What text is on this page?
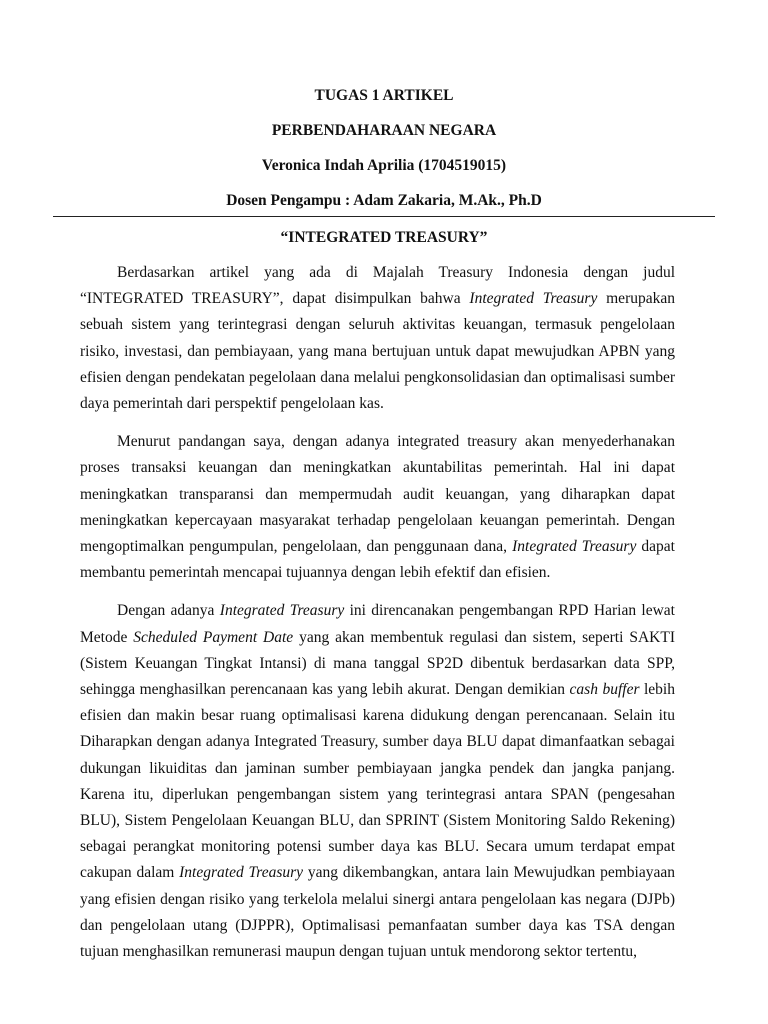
TUGAS 1 ARTIKEL

PERBENDAHARAAN NEGARA

Veronica Indah Aprilia (1704519015)

Dosen Pengampu : Adam Zakaria, M.Ak., Ph.D

“INTEGRATED TREASURY”

Berdasarkan artikel yang ada di Majalah Treasury Indonesia dengan judul “INTEGRATED TREASURY”, dapat disimpulkan bahwa Integrated Treasury merupakan sebuah sistem yang terintegrasi dengan seluruh aktivitas keuangan, termasuk pengelolaan risiko, investasi, dan pembiayaan, yang mana bertujuan untuk dapat mewujudkan APBN yang efisien dengan pendekatan pegelolaan dana melalui pengkonsolidasian dan optimalisasi sumber daya pemerintah dari perspektif pengelolaan kas.

Menurut pandangan saya, dengan adanya integrated treasury akan menyederhanakan proses transaksi keuangan dan meningkatkan akuntabilitas pemerintah. Hal ini dapat meningkatkan transparansi dan mempermudah audit keuangan, yang diharapkan dapat meningkatkan kepercayaan masyarakat terhadap pengelolaan keuangan pemerintah. Dengan mengoptimalkan pengumpulan, pengelolaan, dan penggunaan dana, Integrated Treasury dapat membantu pemerintah mencapai tujuannya dengan lebih efektif dan efisien.

Dengan adanya Integrated Treasury ini direncanakan pengembangan RPD Harian lewat Metode Scheduled Payment Date yang akan membentuk regulasi dan sistem, seperti SAKTI (Sistem Keuangan Tingkat Intansi) di mana tanggal SP2D dibentuk berdasarkan data SPP, sehingga menghasilkan perencanaan kas yang lebih akurat. Dengan demikian cash buffer lebih efisien dan makin besar ruang optimalisasi karena didukung dengan perencanaan. Selain itu Diharapkan dengan adanya Integrated Treasury, sumber daya BLU dapat dimanfaatkan sebagai dukungan likuiditas dan jaminan sumber pembiayaan jangka pendek dan jangka panjang. Karena itu, diperlukan pengembangan sistem yang terintegrasi antara SPAN (pengesahan BLU), Sistem Pengelolaan Keuangan BLU, dan SPRINT (Sistem Monitoring Saldo Rekening) sebagai perangkat monitoring potensi sumber daya kas BLU. Secara umum terdapat empat cakupan dalam Integrated Treasury yang dikembangkan, antara lain Mewujudkan pembiayaan yang efisien dengan risiko yang terkelola melalui sinergi antara pengelolaan kas negara (DJPb) dan pengelolaan utang (DJPPR), Optimalisasi pemanfaatan sumber daya kas TSA dengan tujuan menghasilkan remunerasi maupun dengan tujuan untuk mendorong sektor tertentu,
